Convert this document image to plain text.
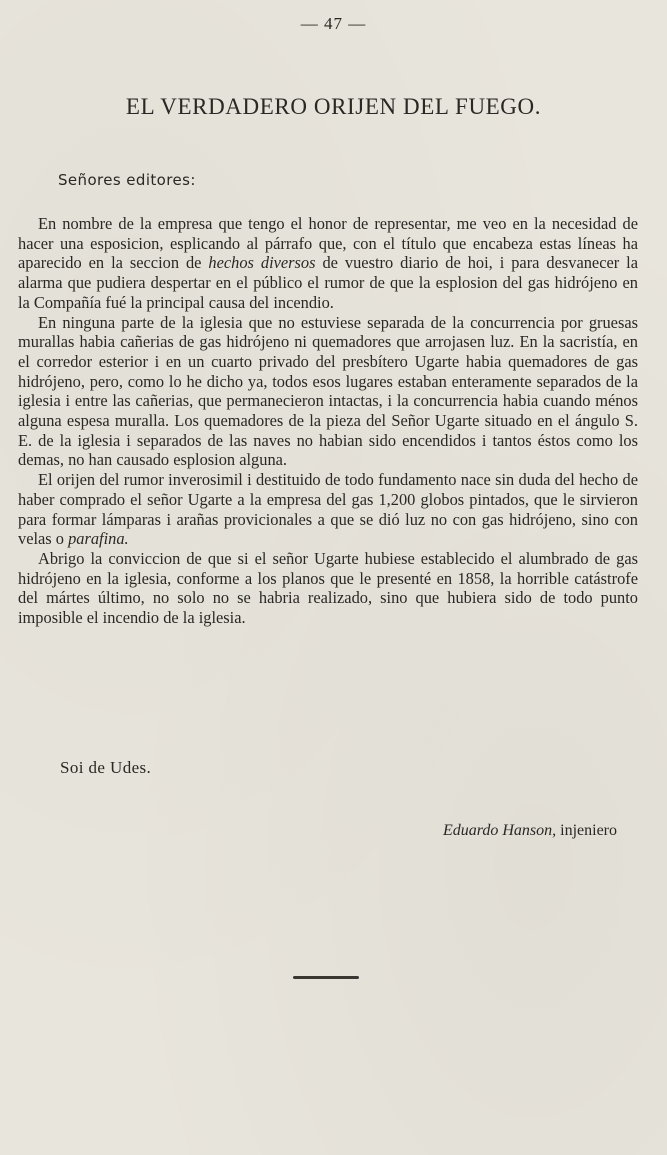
— 47 —
EL VERDADERO ORIJEN DEL FUEGO.
Señores editores:

En nombre de la empresa que tengo el honor de representar, me veo en la necesidad de hacer una esposicion, esplicando al párrafo que, con el título que encabeza estas líneas ha aparecido en la seccion de hechos diversos de vuestro diario de hoi, i para desvanecer la alarma que pudiera despertar en el público el rumor de que la esplosion del gas hidrójeno en la Compañía fué la principal causa del incendio.

En ninguna parte de la iglesia que no estuviese separada de la concurrencia por gruesas murallas habia cañerias de gas hidrójeno ni quemadores que arrojasen luz. En la sacristía, en el corredor esterior i en un cuarto privado del presbítero Ugarte habia quemadores de gas hidrójeno, pero, como lo he dicho ya, todos esos lugares estaban enteramente separados de la iglesia i entre las cañerias, que permanecieron intactas, i la concurrencia habia cuando ménos alguna espesa muralla. Los quemadores de la pieza del Señor Ugarte situado en el ángulo S. E. de la iglesia i separados de las naves no habian sido encendidos i tantos éstos como los demas, no han causado esplosion alguna.

El orijen del rumor inverosimil i destituido de todo fundamento nace sin duda del hecho de haber comprado el señor Ugarte a la empresa del gas 1,200 globos pintados, que le sirvieron para formar lámparas i arañas provicionales a que se dió luz no con gas hidrójeno, sino con velas o parafina.

Abrigo la conviccion de que si el señor Ugarte hubiese establecido el alumbrado de gas hidrójeno en la iglesia, conforme a los planos que le presenté en 1858, la horrible catástrofe del mártes último, no solo no se habria realizado, sino que hubiera sido de todo punto imposible el incendio de la iglesia.

Soi de Udes.
Eduardo Hanson, injeniero
